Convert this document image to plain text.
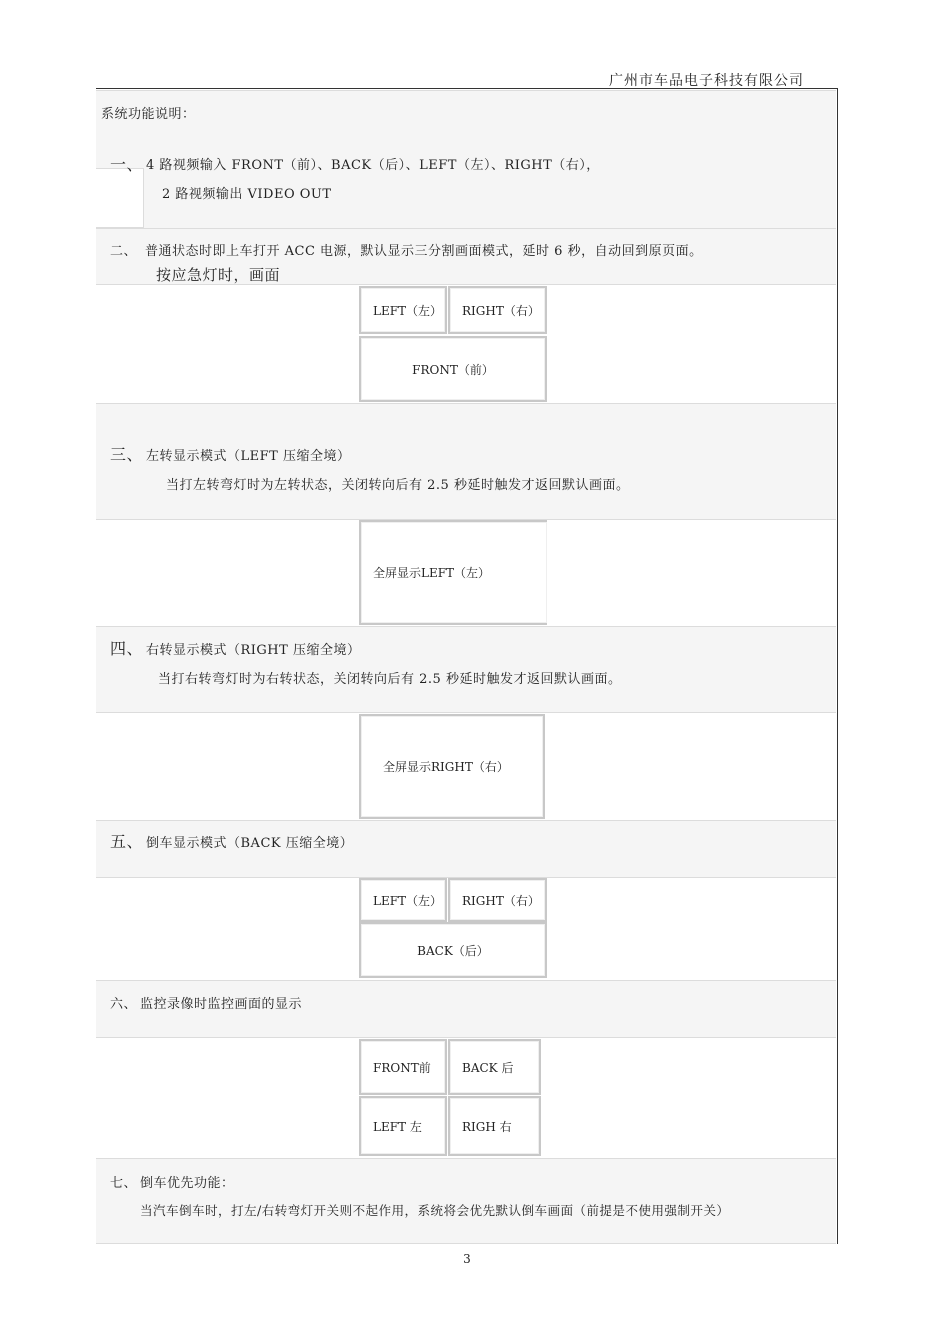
广州市车品电子科技有限公司
系统功能说明：
一、 4 路视频输入 FRONT（前）、BACK（后）、LEFT（左）、RIGHT（右），
2 路视频输出 VIDEO OUT
二、 普通状态时即上车打开 ACC 电源，默认显示三分割画面模式，延时 6 秒，自动回到原页面。
按应急灯时，画面
LEFT（左）	RIGHT（右）
FRONT（前）
三、 左转显示模式（LEFT 压缩全境）
当打左转弯灯时为左转状态，关闭转向后有 2.5 秒延时触发才返回默认画面。
全屏显示LEFT（左）
四、 右转显示模式（RIGHT 压缩全境）
当打右转弯灯时为右转状态，关闭转向后有 2.5 秒延时触发才返回默认画面。
全屏显示RIGHT（右）
五、 倒车显示模式（BACK 压缩全境）
LEFT（左）	RIGHT（右）
BACK（后）
六、 监控录像时监控画面的显示
FRONT前	BACK 后
LEFT 左	RIGH 右
七、 倒车优先功能：
当汽车倒车时，打左/右转弯灯开关则不起作用，系统将会优先默认倒车画面（前提是不使用强制开关）
3
